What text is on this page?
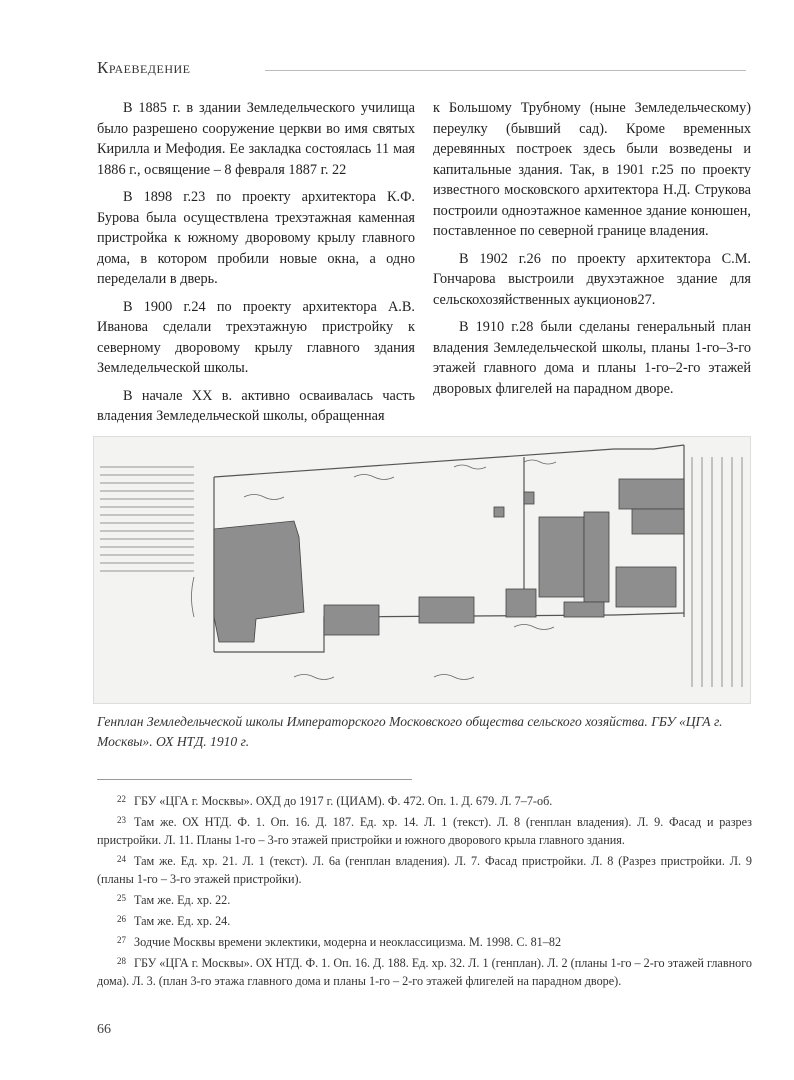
Краеведение

В 1885 г. в здании Земледельческого училища было разрешено сооружение церкви во имя святых Кирилла и Мефодия. Ее закладка состоялась 11 мая 1886 г., освящение – 8 февраля 1887 г. 22

В 1898 г.23 по проекту архитектора К.Ф. Бурова была осуществлена трехэтажная каменная пристройка к южному дворовому крылу главного дома, в котором пробили новые окна, а одно переделали в дверь.

В 1900 г.24 по проекту архитектора А.В. Иванова сделали трехэтажную пристройку к северному дворовому крылу главного здания Земледельческой школы.

В начале XX в. активно осваивалась часть владения Земледельческой школы, обращенная

к Большому Трубному (ныне Земледельческому) переулку (бывший сад). Кроме временных деревянных построек здесь были возведены и капитальные здания. Так, в 1901 г.25 по проекту известного московского архитектора Н.Д. Струкова построили одноэтажное каменное здание конюшен, поставленное по северной границе владения.

В 1902 г.26 по проекту архитектора С.М. Гончарова выстроили двухэтажное здание для сельскохозяйственных аукционов27.

В 1910 г.28 были сделаны генеральный план владения Земледельческой школы, планы 1-го–3-го этажей главного дома и планы 1-го–2-го этажей дворовых флигелей на парадном дворе.

Генплан Земледельческой школы Императорского Московского общества сельского хозяйства. ГБУ «ЦГА г. Москвы». ОХ НТД. 1910 г.
$^{22}$ ГБУ «ЦГА г. Москвы». ОХД до 1917 г. (ЦИАМ). Ф. 472. Оп. 1. Д. 679. Л. 7–7-об.
$^{23}$ Там же. ОХ НТД. Ф. 1. Оп. 16. Д. 187. Ед. хр. 14. Л. 1 (текст). Л. 8 (генплан владения). Л. 9. Фасад и разрез пристройки. Л. 11. Планы 1-го – 3-го этажей пристройки и южного дворового крыла главного здания.
$^{24}$ Там же. Ед. хр. 21. Л. 1 (текст). Л. 6а (генплан владения). Л. 7. Фасад пристройки. Л. 8 (Разрез пристройки. Л. 9 (планы 1-го – 3-го этажей пристройки).
$^{25}$ Там же. Ед. хр. 22.
$^{26}$ Там же. Ед. хр. 24.
$^{27}$ Зодчие Москвы времени эклектики, модерна и неоклассицизма. М. 1998. С. 81–82
$^{28}$ ГБУ «ЦГА г. Москвы». ОХ НТД. Ф. 1. Оп. 16. Д. 188. Ед. хр. 32. Л. 1 (генплан). Л. 2 (планы 1-го – 2-го этажей главного дома). Л. 3. (план 3-го этажа главного дома и планы 1-го – 2-го этажей флигелей на парадном дворе).
66
